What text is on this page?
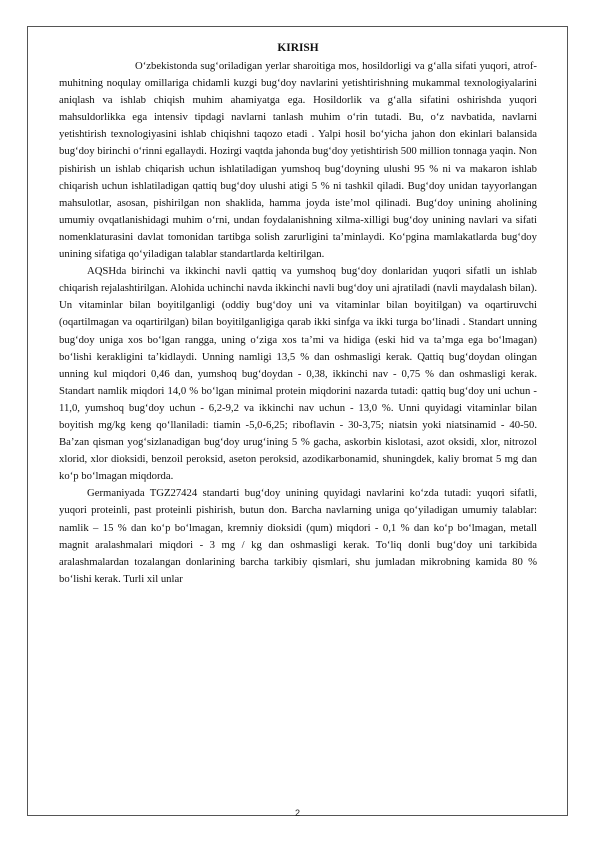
KIRISH

O‘zbekistonda sug‘oriladigan yerlar sharoitiga mos, hosildorligi va g‘alla sifati yuqori, atrof-muhitning noqulay omillariga chidamli kuzgi bug‘doy navlarini yetishtirishning mukammal texnologiyalarini aniqlash va ishlab chiqish muhim ahamiyatga ega. Hosildorlik va g‘alla sifatini oshirishda yuqori mahsuldorlikka ega intensiv tipdagi navlarni tanlash muhim o‘rin tutadi. Bu, o‘z navbatida, navlarni yetishtirish texnologiyasini ishlab chiqishni taqozo etadi . Yalpi hosil bo‘yicha jahon don ekinlari balansida bug‘doy birinchi o‘rinni egallaydi. Hozirgi vaqtda jahonda bug‘doy yetishtirish 500 million tonnaga yaqin. Non pishirish un ishlab chiqarish uchun ishlatiladigan yumshoq bug‘doyning ulushi 95 % ni va makaron ishlab chiqarish uchun ishlatiladigan qattiq bug‘doy ulushi atigi 5 % ni tashkil qiladi. Bug‘doy unidan tayyorlangan mahsulotlar, asosan, pishirilgan non shaklida, hamma joyda iste’mol qilinadi. Bug‘doy unining aholining umumiy ovqatlanishidagi muhim o‘rni, undan foydalanishning xilma-xilligi bug‘doy unining navlari va sifati nomenklaturasini davlat tomonidan tartibga solish zarurligini ta’minlaydi. Ko‘pgina mamlakatlarda bug‘doy unining sifatiga qo‘yiladigan talablar standartlarda keltirilgan.

AQSHda birinchi va ikkinchi navli qattiq va yumshoq bug‘doy donlaridan yuqori sifatli un ishlab chiqarish rejalashtirilgan. Alohida uchinchi navda ikkinchi navli bug‘doy uni ajratiladi (navli maydalash bilan). Un vitaminlar bilan boyitilganligi (oddiy bug‘doy uni va vitaminlar bilan boyitilgan) va oqartiruvchi (oqartilmagan va oqartirilgan) bilan boyitilganligiga qarab ikki sinfga va ikki turga bo‘linadi . Standart unning bug‘doy uniga xos bo‘lgan rangga, uning o‘ziga xos ta’mi va hidiga (eski hid va ta’mga ega bo‘lmagan) bo‘lishi kerakligini ta’kidlaydi. Unning namligi 13,5 % dan oshmasligi kerak. Qattiq bug‘doydan olingan unning kul miqdori 0,46 dan, yumshoq bug‘doydan - 0,38, ikkinchi nav - 0,75 % dan oshmasligi kerak. Standart namlik miqdori 14,0 % bo‘lgan minimal protein miqdorini nazarda tutadi: qattiq bug‘doy uni uchun - 11,0, yumshoq bug‘doy uchun - 6,2-9,2 va ikkinchi nav uchun - 13,0 %. Unni quyidagi vitaminlar bilan boyitish mg/kg keng qo‘llaniladi: tiamin -5,0-6,25; riboflavin - 30-3,75; niatsin yoki niatsinamid - 40-50. Ba’zan qisman yog‘sizlanadigan bug‘doy urug‘ining 5 % gacha, askorbin kislotasi, azot oksidi, xlor, nitrozol xlorid, xlor dioksidi, benzoil peroksid, aseton peroksid, azodikarbonamid, shuningdek, kaliy bromat 5 mg dan ko‘p bo‘lmagan miqdorda.

Germaniyada TGZ27424 standarti bug‘doy unining quyidagi navlarini ko‘zda tutadi: yuqori sifatli, yuqori proteinli, past proteinli pishirish, butun don. Barcha navlarning uniga qo‘yiladigan umumiy talablar: namlik – 15 % dan ko‘p bo‘lmagan, kremniy dioksidi (qum) miqdori - 0,1 % dan ko‘p bo‘lmagan, metall magnit aralashmalari miqdori - 3 mg / kg dan oshmasligi kerak. To‘liq donli bug‘doy uni tarkibida aralashmalardan tozalangan donlarining barcha tarkibiy qismlari, shu jumladan mikrobning kamida 80 % bo‘lishi kerak. Turli xil unlar

2
